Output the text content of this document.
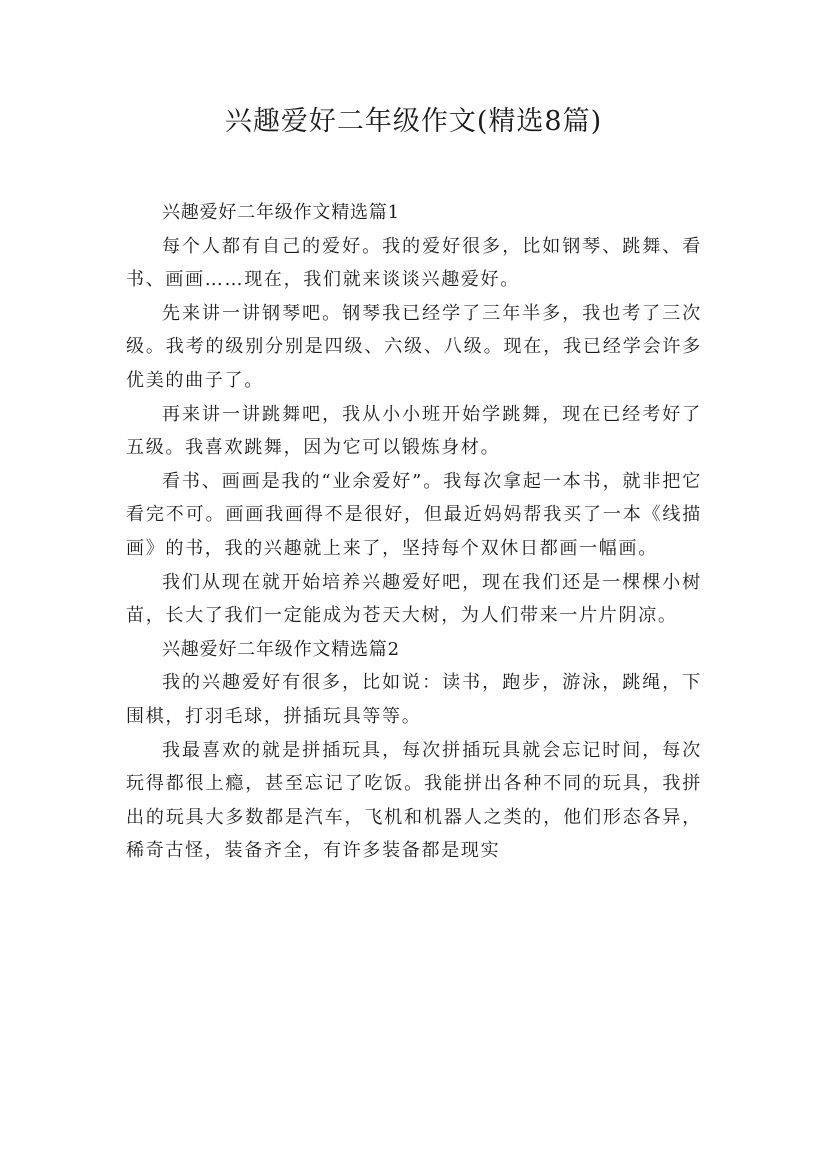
兴趣爱好二年级作文(精选8篇)

兴趣爱好二年级作文精选篇1

每个人都有自己的爱好。我的爱好很多，比如钢琴、跳舞、看书、画画……现在，我们就来谈谈兴趣爱好。

先来讲一讲钢琴吧。钢琴我已经学了三年半多，我也考了三次级。我考的级别分别是四级、六级、八级。现在，我已经学会许多优美的曲子了。

再来讲一讲跳舞吧，我从小小班开始学跳舞，现在已经考好了五级。我喜欢跳舞，因为它可以锻炼身材。

看书、画画是我的“业余爱好”。我每次拿起一本书，就非把它看完不可。画画我画得不是很好，但最近妈妈帮我买了一本《线描画》的书，我的兴趣就上来了，坚持每个双休日都画一幅画。

我们从现在就开始培养兴趣爱好吧，现在我们还是一棵棵小树苗，长大了我们一定能成为苍天大树，为人们带来一片片阴凉。

兴趣爱好二年级作文精选篇2

我的兴趣爱好有很多，比如说：读书，跑步，游泳，跳绳，下围棋，打羽毛球，拼插玩具等等。

我最喜欢的就是拼插玩具，每次拼插玩具就会忘记时间，每次玩得都很上瘾，甚至忘记了吃饭。我能拼出各种不同的玩具，我拼出的玩具大多数都是汽车，飞机和机器人之类的，他们形态各异，稀奇古怪，装备齐全，有许多装备都是现实
